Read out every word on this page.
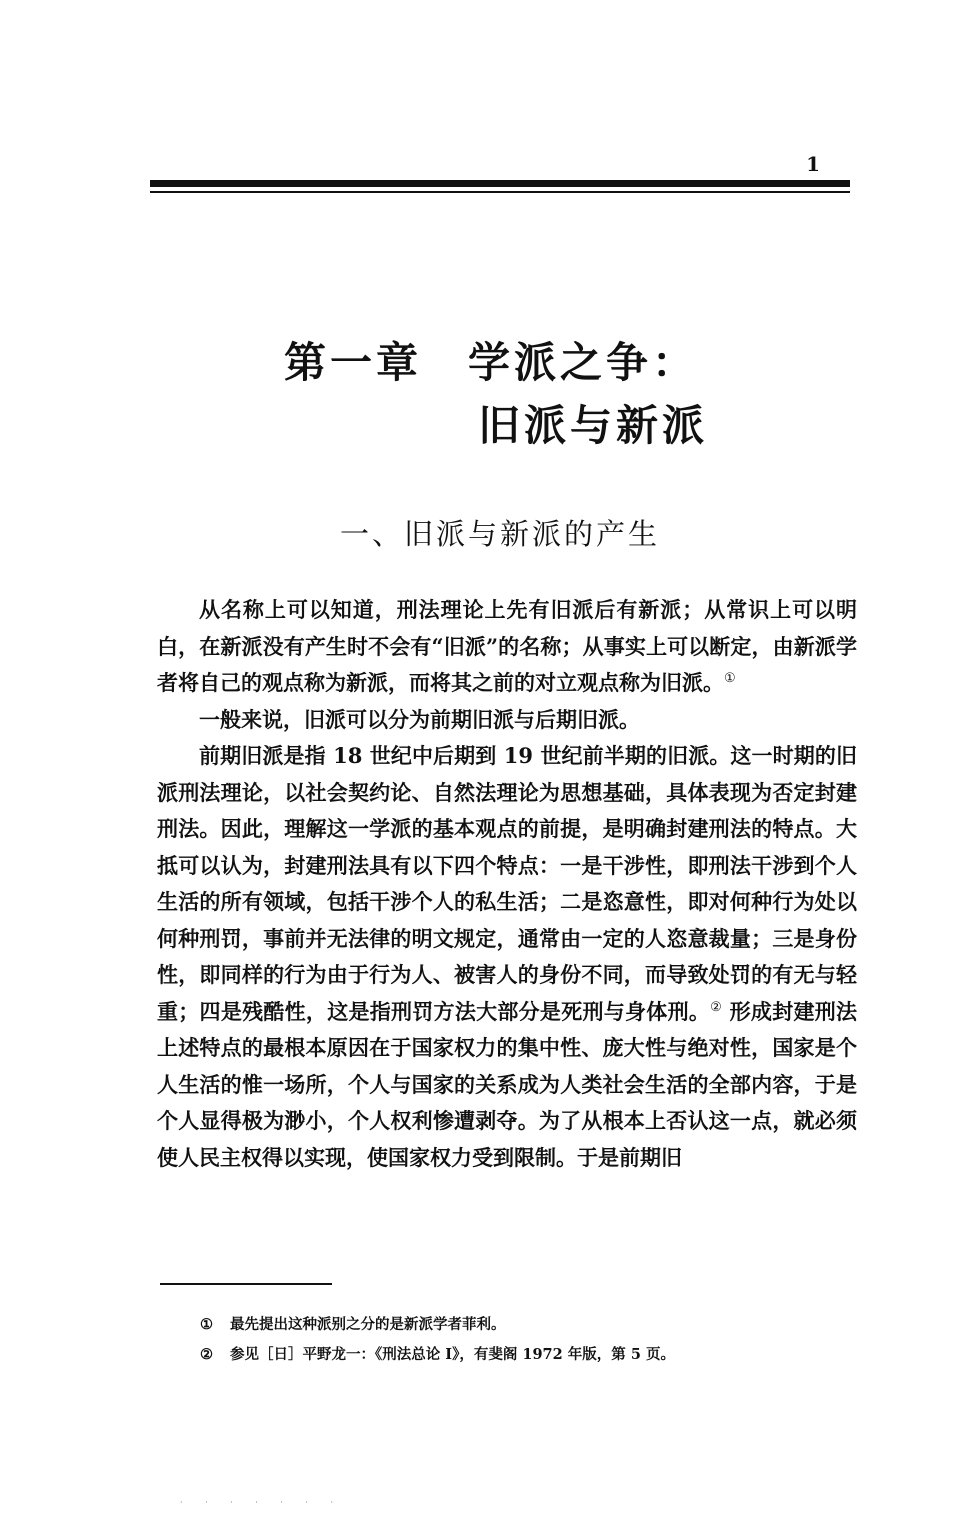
1
第一章　学派之争：
旧派与新派
一、旧派与新派的产生

从名称上可以知道，刑法理论上先有旧派后有新派；从常识上可以明白，在新派没有产生时不会有“旧派”的名称；从事实上可以断定，由新派学者将自己的观点称为新派，而将其之前的对立观点称为旧派。①

一般来说，旧派可以分为前期旧派与后期旧派。

前期旧派是指 18 世纪中后期到 19 世纪前半期的旧派。这一时期的旧派刑法理论，以社会契约论、自然法理论为思想基础，具体表现为否定封建刑法。因此，理解这一学派的基本观点的前提，是明确封建刑法的特点。大抵可以认为，封建刑法具有以下四个特点：一是干涉性，即刑法干涉到个人生活的所有领域，包括干涉个人的私生活；二是恣意性，即对何种行为处以何种刑罚，事前并无法律的明文规定，通常由一定的人恣意裁量；三是身份性，即同样的行为由于行为人、被害人的身份不同，而导致处罚的有无与轻重；四是残酷性，这是指刑罚方法大部分是死刑与身体刑。② 形成封建刑法上述特点的最根本原因在于国家权力的集中性、庞大性与绝对性，国家是个人生活的惟一场所，个人与国家的关系成为人类社会生活的全部内容，于是个人显得极为渺小，个人权利惨遭剥夺。为了从根本上否认这一点，就必须使人民主权得以实现，使国家权力受到限制。于是前期旧

①	最先提出这种派别之分的是新派学者菲利。
②	参见［日］平野龙一：《刑法总论 I》，有斐阁 1972 年版，第 5 页。
· · · · · · ·
